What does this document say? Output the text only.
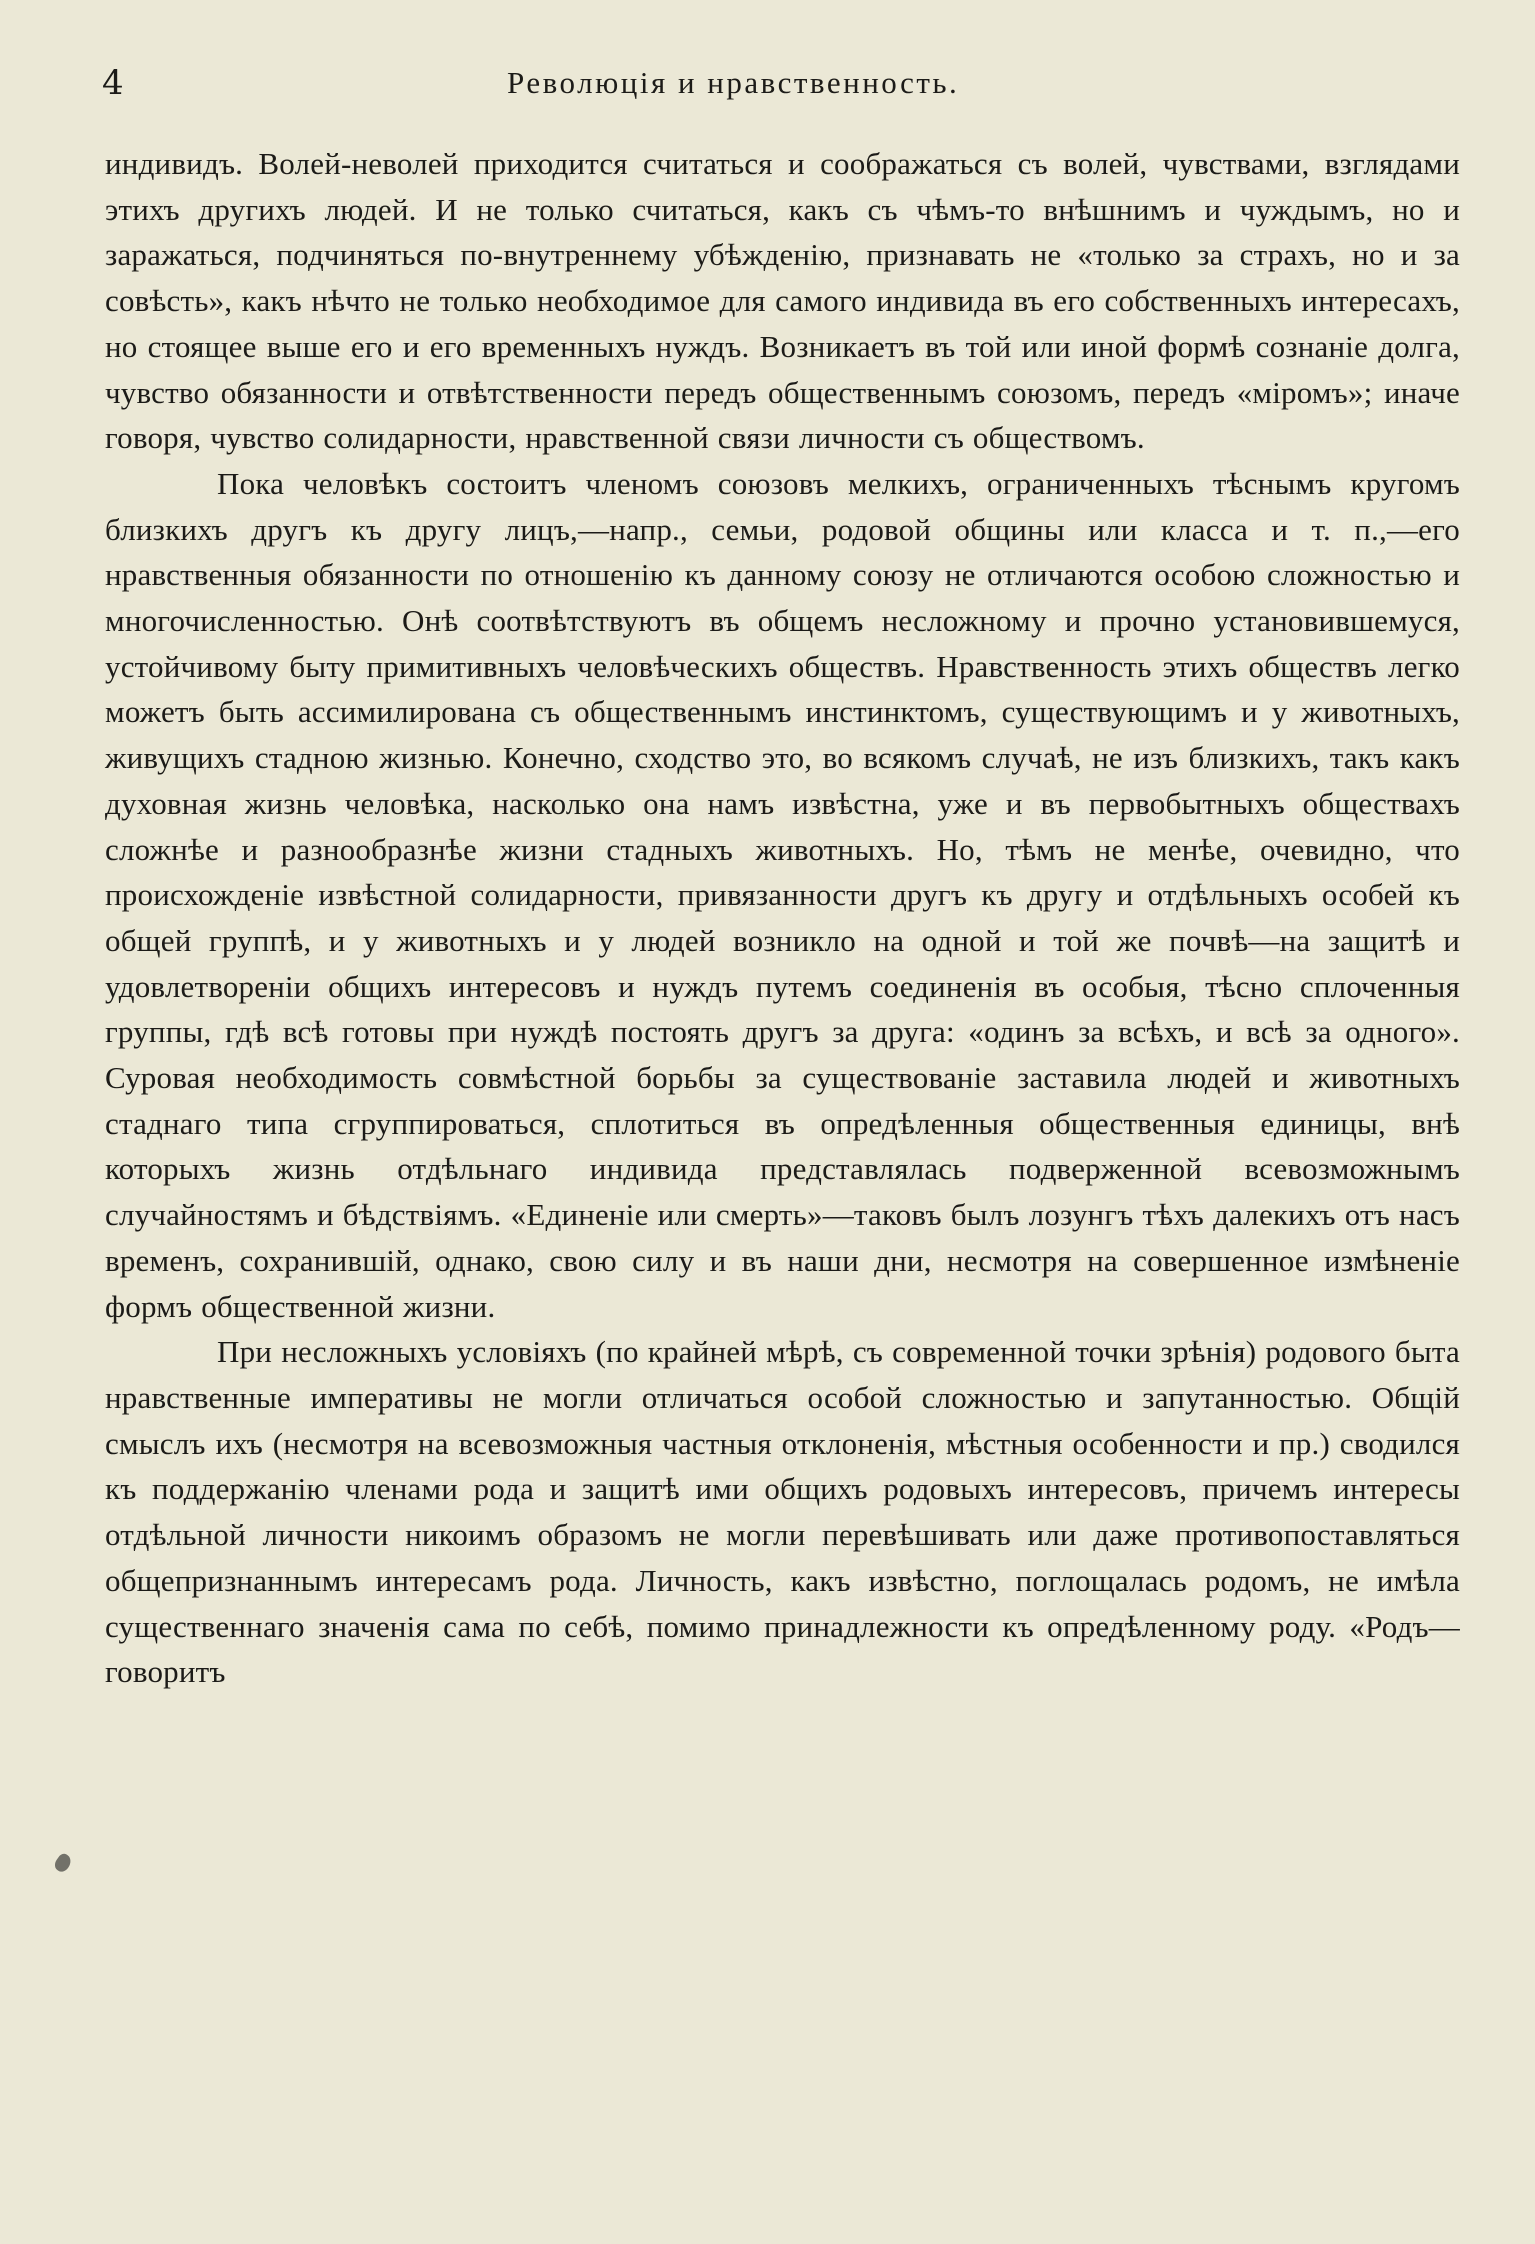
4	Революція и нравственность.

индивидъ. Волей-неволей приходится считаться и соображаться съ волей, чувствами, взглядами этихъ другихъ людей. И не только считаться, какъ съ чѣмъ-то внѣшнимъ и чуждымъ, но и заражаться, подчиняться по-внутреннему убѣжденію, признавать не «только за страхъ, но и за совѣсть», какъ нѣчто не только необходимое для самого индивида въ его собственныхъ интересахъ, но стоящее выше его и его временныхъ нуждъ. Возникаетъ въ той или иной формѣ сознаніе долга, чувство обязанности и отвѣтственности передъ общественнымъ союзомъ, передъ «міромъ»; иначе говоря, чувство солидарности, нравственной связи личности съ обществомъ.

Пока человѣкъ состоитъ членомъ союзовъ мелкихъ, ограниченныхъ тѣснымъ кругомъ близкихъ другъ къ другу лицъ,—напр., семьи, родовой общины или класса и т. п.,—его нравственныя обязанности по отношенію къ данному союзу не отличаются особою сложностью и многочисленностью. Онѣ соотвѣтствуютъ въ общемъ несложному и прочно установившемуся, устойчивому быту примитивныхъ человѣческихъ обществъ. Нравственность этихъ обществъ легко можетъ быть ассимилирована съ общественнымъ инстинктомъ, существующимъ и у животныхъ, живущихъ стадною жизнью. Конечно, сходство это, во всякомъ случаѣ, не изъ близкихъ, такъ какъ духовная жизнь человѣка, насколько она намъ извѣстна, уже и въ первобытныхъ обществахъ сложнѣе и разнообразнѣе жизни стадныхъ животныхъ. Но, тѣмъ не менѣе, очевидно, что происхожденіе извѣстной солидарности, привязанности другъ къ другу и отдѣльныхъ особей къ общей группѣ, и у животныхъ и у людей возникло на одной и той же почвѣ—на защитѣ и удовлетвореніи общихъ интересовъ и нуждъ путемъ соединенія въ особыя, тѣсно сплоченныя группы, гдѣ всѣ готовы при нуждѣ постоять другъ за друга: «одинъ за всѣхъ, и всѣ за одного». Суровая необходимость совмѣстной борьбы за существованіе заставила людей и животныхъ стаднаго типа сгруппироваться, сплотиться въ опредѣленныя общественныя единицы, внѣ которыхъ жизнь отдѣльнаго индивида представлялась подверженной всевозможнымъ случайностямъ и бѣдствіямъ. «Единеніе или смерть»—таковъ былъ лозунгъ тѣхъ далекихъ отъ насъ временъ, сохранившій, однако, свою силу и въ наши дни, несмотря на совершенное измѣненіе формъ общественной жизни.

При несложныхъ условіяхъ (по крайней мѣрѣ, съ современной точки зрѣнія) родового быта нравственные императивы не могли отличаться особой сложностью и запутанностью. Общій смыслъ ихъ (несмотря на всевозможныя частныя отклоненія, мѣстныя особенности и пр.) сводился къ поддержанію членами рода и защитѣ ими общихъ родовыхъ интересовъ, причемъ интересы отдѣльной личности никоимъ образомъ не могли перевѣшивать или даже противопоставляться общепризнаннымъ интересамъ рода. Личность, какъ извѣстно, поглощалась родомъ, не имѣла существеннаго значенія сама по себѣ, помимо принадлежности къ опредѣленному роду. «Родъ—говоритъ
